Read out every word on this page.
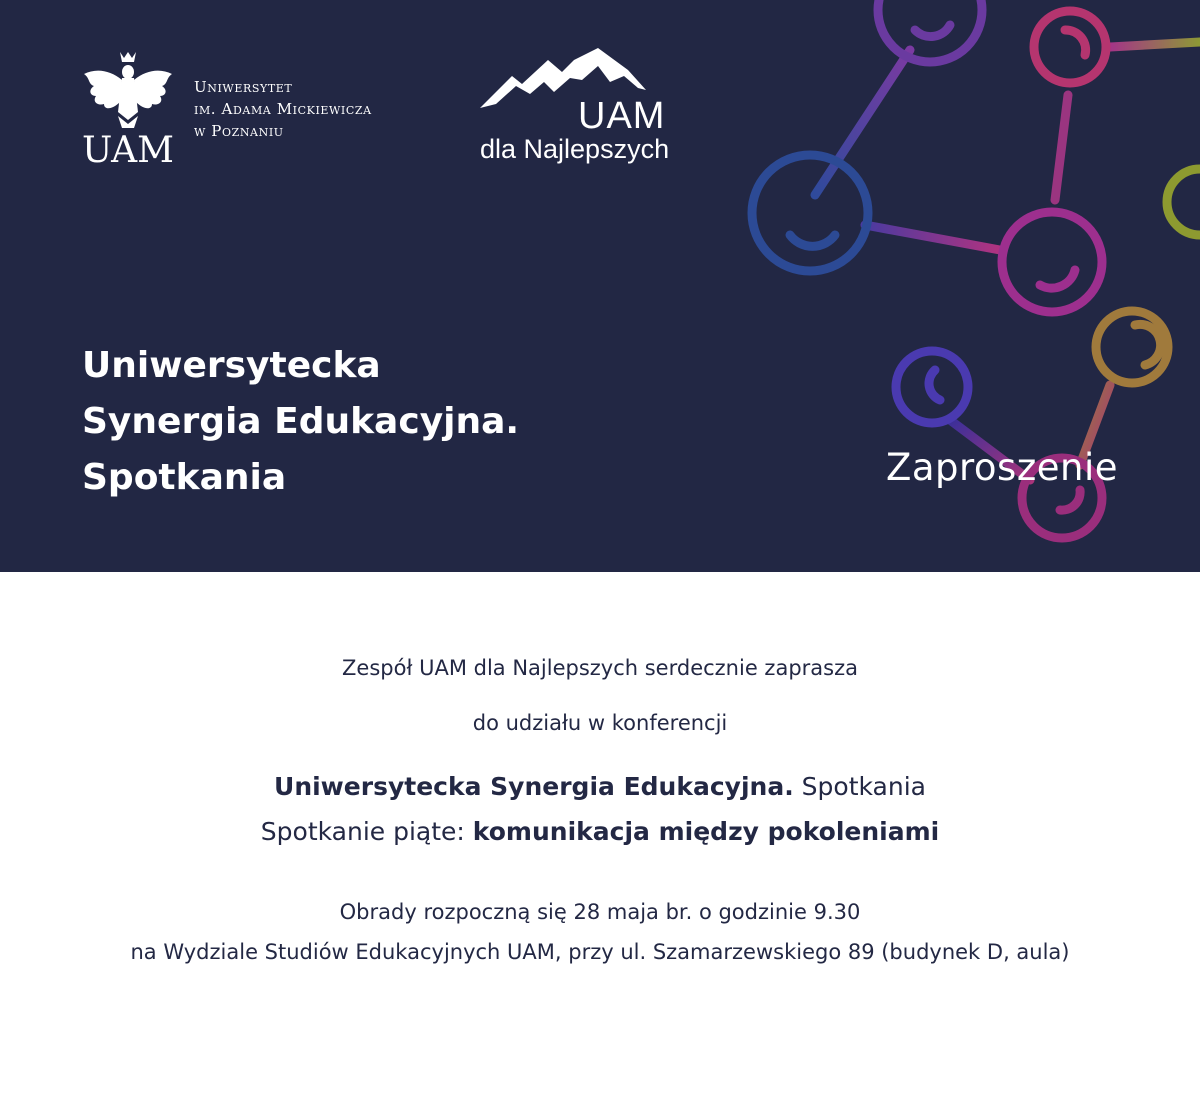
UAM
Uniwersytet
im. Adama Mickiewicza
w Poznaniu	UAM
dla Najlepszych
Uniwersytecka
Synergia Edukacyjna.
Spotkania	Zaproszenie
Zespół UAM dla Najlepszych serdecznie zaprasza
do udziału w konferencji
Uniwersytecka Synergia Edukacyjna. Spotkania
Spotkanie piąte: komunikacja między pokoleniami
Obrady rozpoczną się 28 maja br. o godzinie 9.30
na Wydziale Studiów Edukacyjnych UAM, przy ul. Szamarzewskiego 89 (budynek D, aula)
